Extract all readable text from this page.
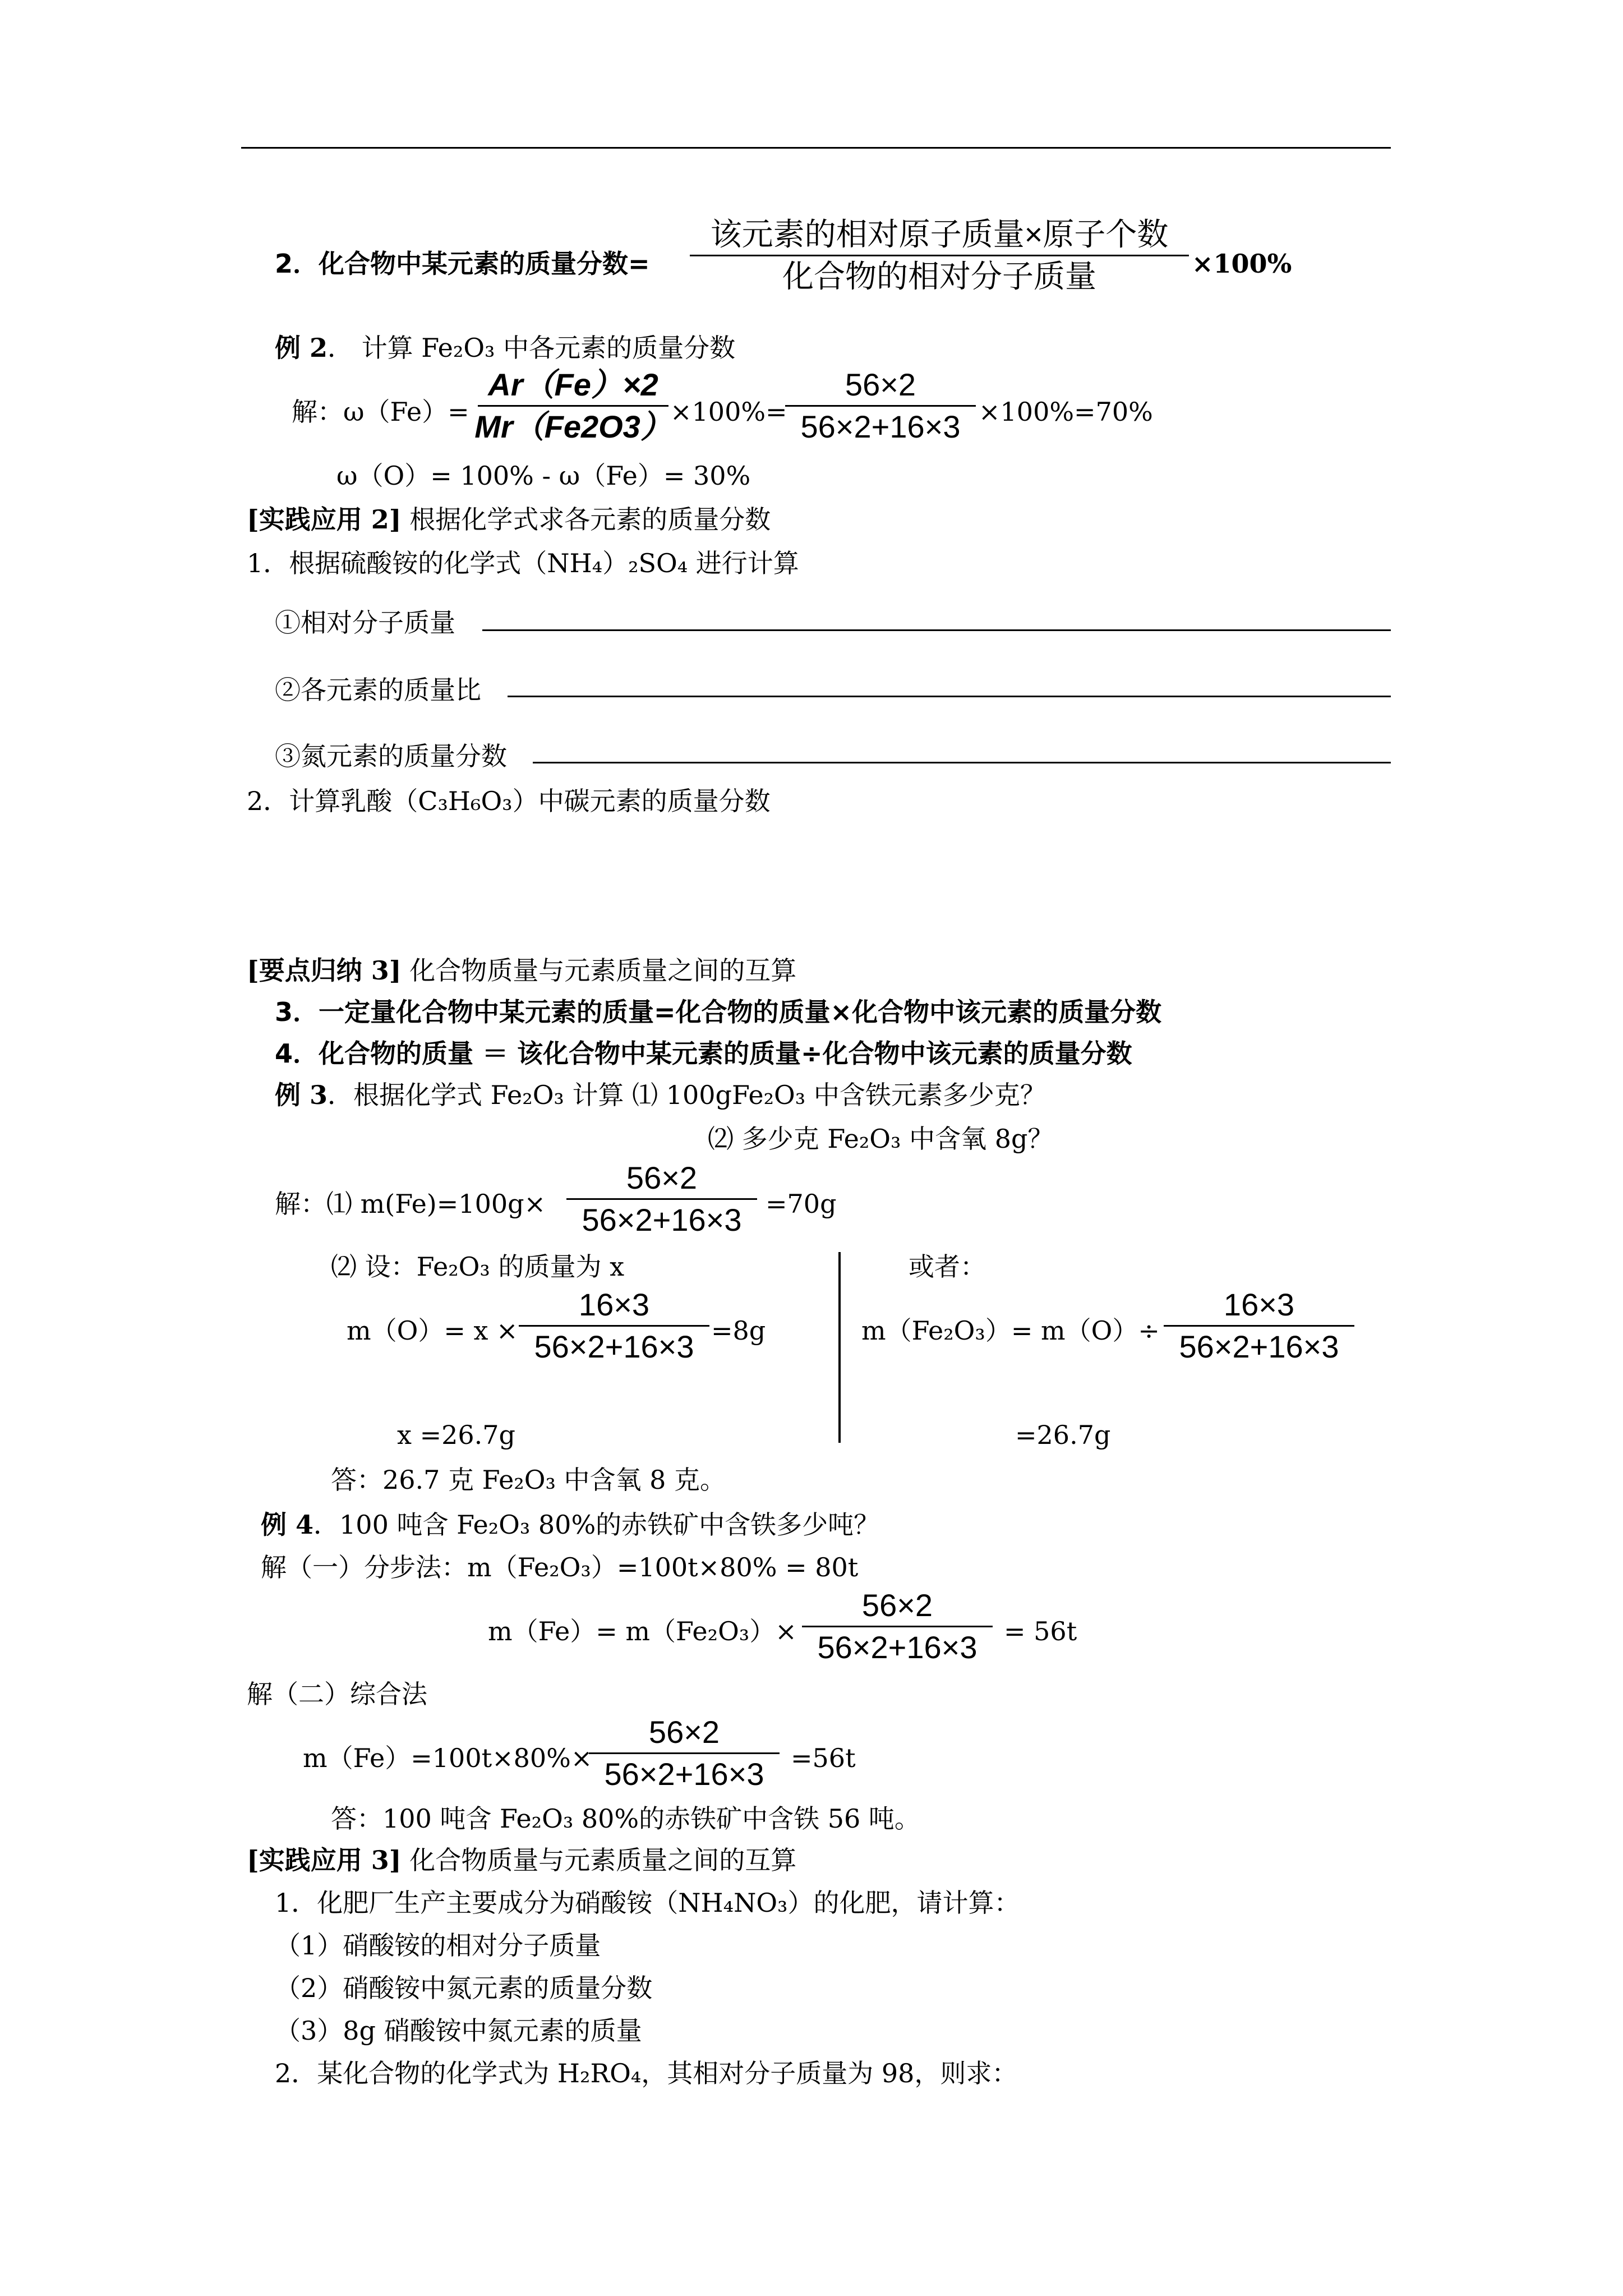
2．化合物中某元素的质量分数=
该元素的相对原子质量×原子个数
化合物的相对分子质量	×100%
例 2． 计算 Fe₂O₃ 中各元素的质量分数
解：ω（Fe）=
Ar（Fe）×2
Mr（Fe2O3）
×100%=
56×2
56×2+16×3 ×100%=70%
ω（O）= 100% - ω（Fe）= 30%
[实践应用 2] 根据化学式求各元素的质量分数
1．根据硫酸铵的化学式（NH₄）₂SO₄ 进行计算
①相对分子质量
②各元素的质量比
③氮元素的质量分数
2．计算乳酸（C₃H₆O₃）中碳元素的质量分数
[要点归纳 3] 化合物质量与元素质量之间的互算
3．一定量化合物中某元素的质量=化合物的质量×化合物中该元素的质量分数
4．化合物的质量 ＝ 该化合物中某元素的质量÷化合物中该元素的质量分数
例 3．根据化学式 Fe₂O₃ 计算 ⑴ 100gFe₂O₃ 中含铁元素多少克？
⑵ 多少克 Fe₂O₃ 中含氧 8g？
解：⑴ m(Fe)=100g×
56×2
56×2+16×3 =70g
⑵ 设：Fe₂O₃ 的质量为 x
m（O）= x ×
16×3
56×2+16×3 =8g
x =26.7g
或者：
m（Fe₂O₃）= m（O）÷
16×3
56×2+16×3
=26.7g
答：26.7 克 Fe₂O₃ 中含氧 8 克。
例 4．100 吨含 Fe₂O₃ 80%的赤铁矿中含铁多少吨？
解（一）分步法：m（Fe₂O₃）=100t×80% = 80t
m（Fe）= m（Fe₂O₃）×
56×2
56×2+16×3	= 56t
解（二）综合法
m（Fe）=100t×80%×
56×2
56×2+16×3	=56t
答：100 吨含 Fe₂O₃ 80%的赤铁矿中含铁 56 吨。
[实践应用 3] 化合物质量与元素质量之间的互算
1．化肥厂生产主要成分为硝酸铵（NH₄NO₃）的化肥，请计算：
（1）硝酸铵的相对分子质量
（2）硝酸铵中氮元素的质量分数
（3）8g 硝酸铵中氮元素的质量
2．某化合物的化学式为 H₂RO₄，其相对分子质量为 98，则求：
